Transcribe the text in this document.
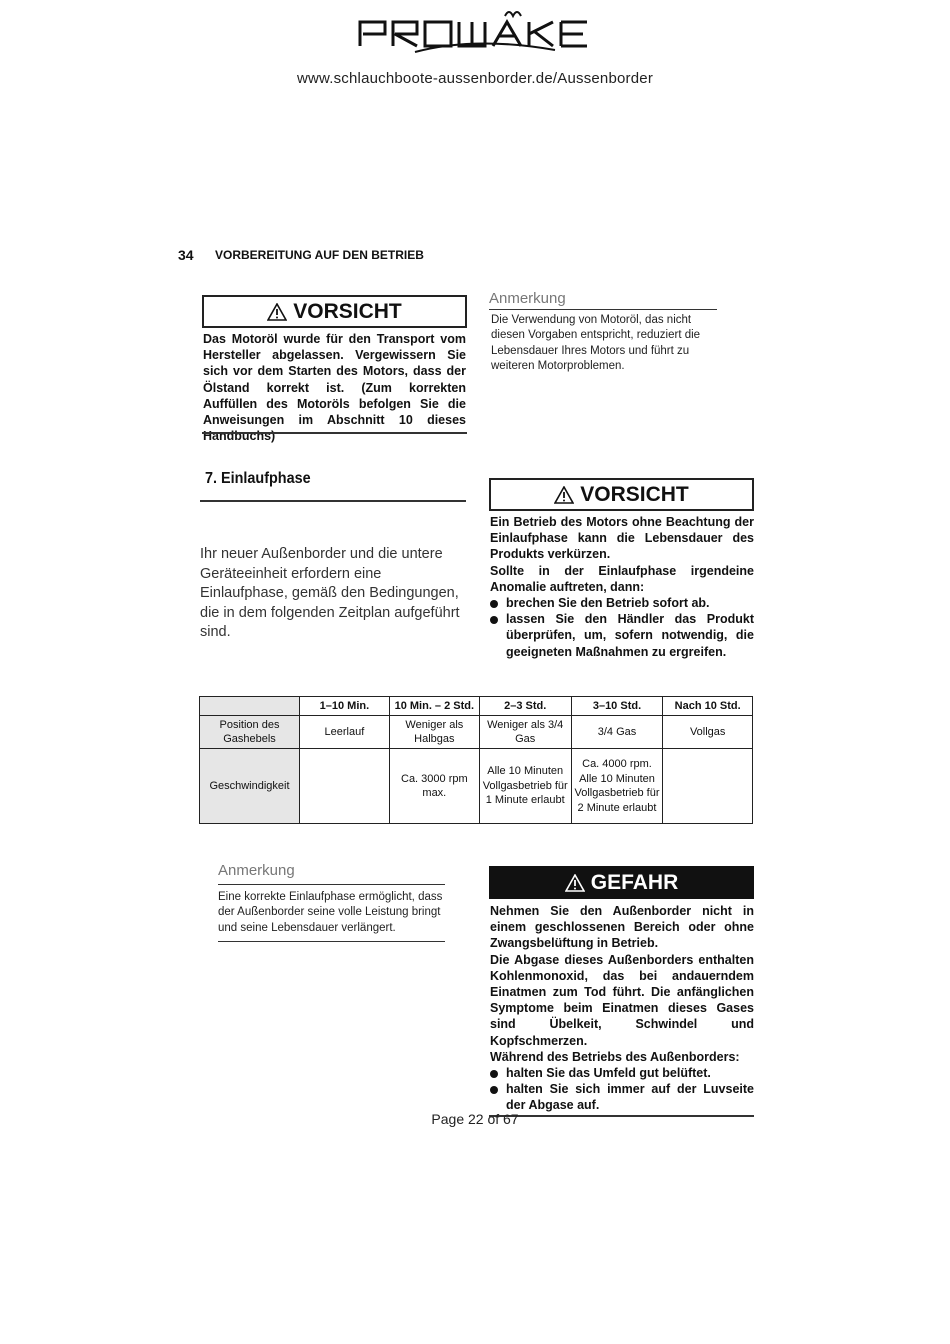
www.schlauchboote-aussenborder.de/Aussenborder
34 VORBEREITUNG AUF DEN BETRIEB
VORSICHT
Das Motoröl wurde für den Transport vom Hersteller abgelassen. Vergewissern Sie sich vor dem Starten des Motors, dass der Ölstand korrekt ist. (Zum korrekten Auffüllen des Motoröls befolgen Sie die Anweisungen im Abschnitt 10 dieses Handbuchs)
Anmerkung
Die Verwendung von Motoröl, das nicht diesen Vorgaben entspricht, reduziert die Lebensdauer Ihres Motors und führt zu weiteren Motorproblemen.
7. Einlaufphase
Ihr neuer Außenborder und die untere Geräteeinheit erfordern eine Einlaufphase, gemäß den Bedingungen, die in dem folgenden Zeitplan aufgeführt sind.
VORSICHT
Ein Betrieb des Motors ohne Beachtung der Einlaufphase kann die Lebensdauer des Produkts verkürzen.
Sollte in der Einlaufphase irgendeine Anomalie auftreten, dann:
brechen Sie den Betrieb sofort ab.
lassen Sie den Händler das Produkt überprüfen, um, sofern notwendig, die geeigneten Maßnahmen zu ergreifen.
	1–10 Min.	10 Min. – 2 Std.	2–3 Std.	3–10 Std.	Nach 10 Std.
Position des Gashebels	Leerlauf	Weniger als Halbgas	Weniger als 3/4 Gas	3/4 Gas	Vollgas
Geschwindigkeit		Ca. 3000 rpm max.	Alle 10 Minuten Vollgasbetrieb für 1 Minute erlaubt	Ca. 4000 rpm. Alle 10 Minuten Vollgasbetrieb für 2 Minute erlaubt	
Anmerkung
Eine korrekte Einlaufphase ermöglicht, dass der Außenborder seine volle Leistung bringt und seine Lebensdauer verlängert.
GEFAHR
Nehmen Sie den Außenborder nicht in einem geschlossenen Bereich oder ohne Zwangsbelüftung in Betrieb.
Die Abgase dieses Außenborders enthalten Kohlenmonoxid, das bei andauerndem Einatmen zum Tod führt. Die anfänglichen Symptome beim Einatmen dieses Gases sind Übelkeit, Schwindel und Kopfschmerzen.
Während des Betriebs des Außenborders:
halten Sie das Umfeld gut belüftet.
halten Sie sich immer auf der Luvseite der Abgase auf.
Page 22 of 67
